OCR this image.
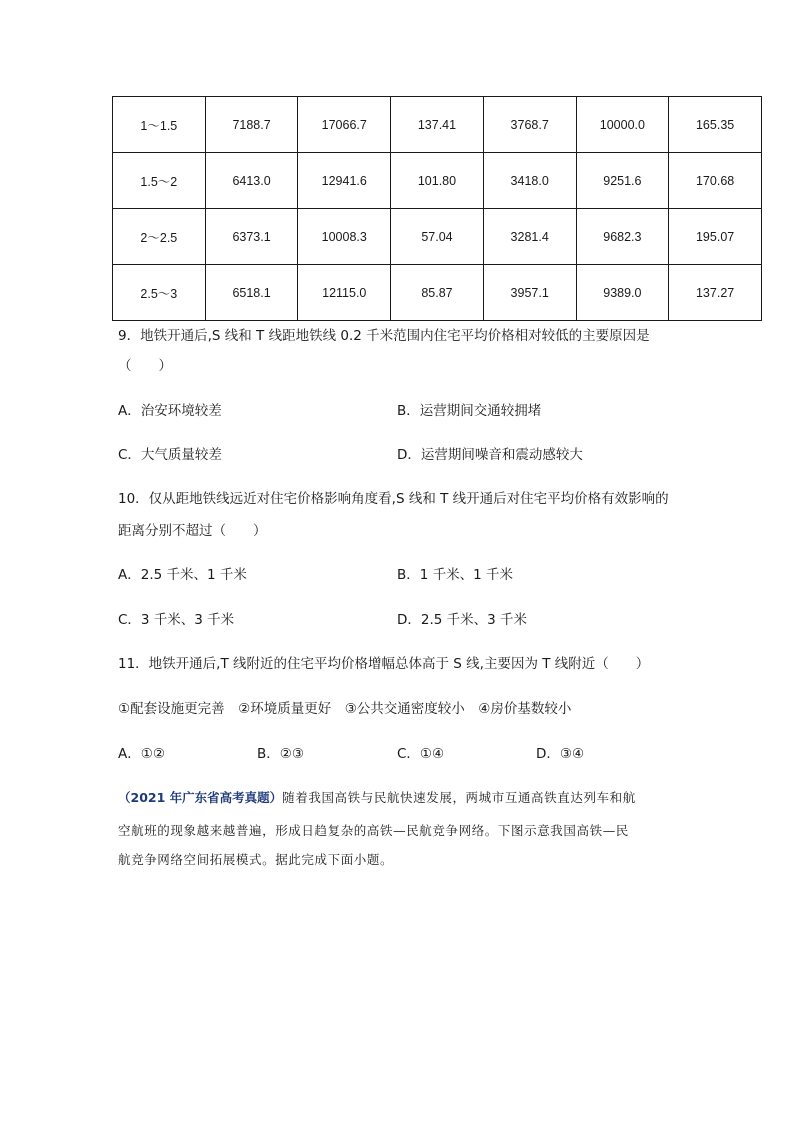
1～1.5	7188.7	17066.7	137.41	3768.7	10000.0	165.35
1.5～2	6413.0	12941.6	101.80	3418.0	9251.6	170.68
2～2.5	6373.1	10008.3	57.04	3281.4	9682.3	195.07
2.5～3	6518.1	12115.0	85.87	3957.1	9389.0	137.27
9．地铁开通后,S 线和 T 线距地铁线 0.2 千米范围内住宅平均价格相对较低的主要原因是
（　　）
A．治安环境较差	B．运营期间交通较拥堵
C．大气质量较差	D．运营期间噪音和震动感较大
10．仅从距地铁线远近对住宅价格影响角度看,S 线和 T 线开通后对住宅平均价格有效影响的
距离分别不超过（　　）
A．2.5 千米、1 千米	B．1 千米、1 千米
C．3 千米、3 千米	D．2.5 千米、3 千米
11．地铁开通后,T 线附近的住宅平均价格增幅总体高于 S 线,主要因为 T 线附近（　　）
①配套设施更完善　②环境质量更好　③公共交通密度较小　④房价基数较小
A．①②	B．②③	C．①④	D．③④
（2021 年广东省高考真题）随着我国高铁与民航快速发展，两城市互通高铁直达列车和航
空航班的现象越来越普遍，形成日趋复杂的高铁—民航竞争网络。下图示意我国高铁—民
航竞争网络空间拓展模式。据此完成下面小题。
